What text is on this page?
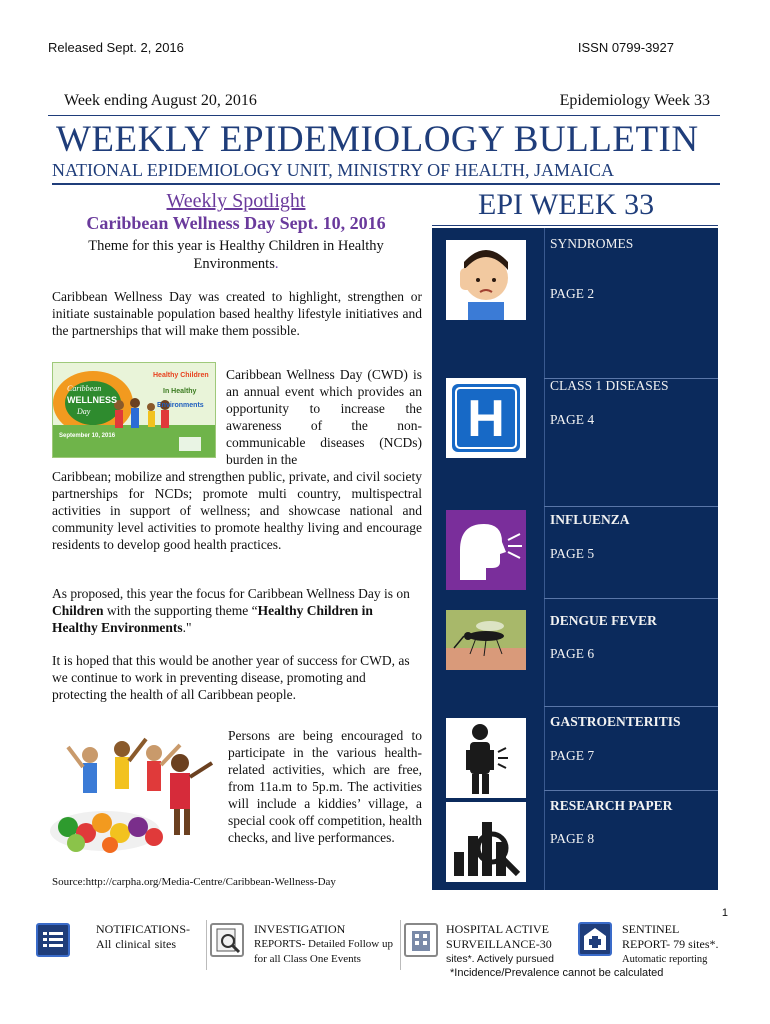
Released Sept. 2, 2016	ISSN 0799-3927
Week ending August 20, 2016	Epidemiology Week 33
WEEKLY EPIDEMIOLOGY BULLETIN
NATIONAL EPIDEMIOLOGY UNIT, MINISTRY OF HEALTH, JAMAICA
Weekly Spotlight
Caribbean Wellness Day Sept. 10, 2016
Theme for this year is Healthy Children in Healthy Environments.
Caribbean Wellness Day was created to highlight, strengthen or initiate sustainable population based healthy lifestyle initiatives and the partnerships that will make them possible.
Caribbean
WELLNESS
Day
Healthy Children
In Healthy
Environments
September 10, 2016
Caribbean Wellness Day (CWD) is an annual event which provides an opportunity to increase the awareness of the non-communicable diseases (NCDs) burden in the
Caribbean; mobilize and strengthen public, private, and civil society partnerships for NCDs; promote multi country, multispectral activities in support of wellness; and showcase national and community level activities to promote healthy living and encourage residents to develop good health practices.
As proposed, this year the focus for Caribbean Wellness Day is on Children with the supporting theme “Healthy Children in Healthy Environments."
It is hoped that this would be another year of success for CWD, as we continue to work in preventing disease, promoting and protecting the health of all Caribbean people.
Persons are being encouraged to participate in the various health-related activities, which are free, from 11a.m to 5p.m. The activities will include a kiddies’ village, a special cook off competition, health checks, and live performances.
Source:http://carpha.org/Media-Centre/Caribbean-Wellness-Day
EPI WEEK 33
SYNDROMES
PAGE 2
H
CLASS 1 DISEASES
PAGE 4
INFLUENZA
PAGE 5
DENGUE FEVER
PAGE 6
GASTROENTERITIS
PAGE 7
RESEARCH PAPER
PAGE 8
1
NOTIFICATIONS-
All clinical sites
INVESTIGATION
REPORTS- Detailed Follow up for all Class One Events
HOSPITAL ACTIVE
SURVEILLANCE-30
sites*. Actively pursued
SENTINEL
REPORT- 79 sites*.
Automatic reporting
*Incidence/Prevalence cannot be calculated
